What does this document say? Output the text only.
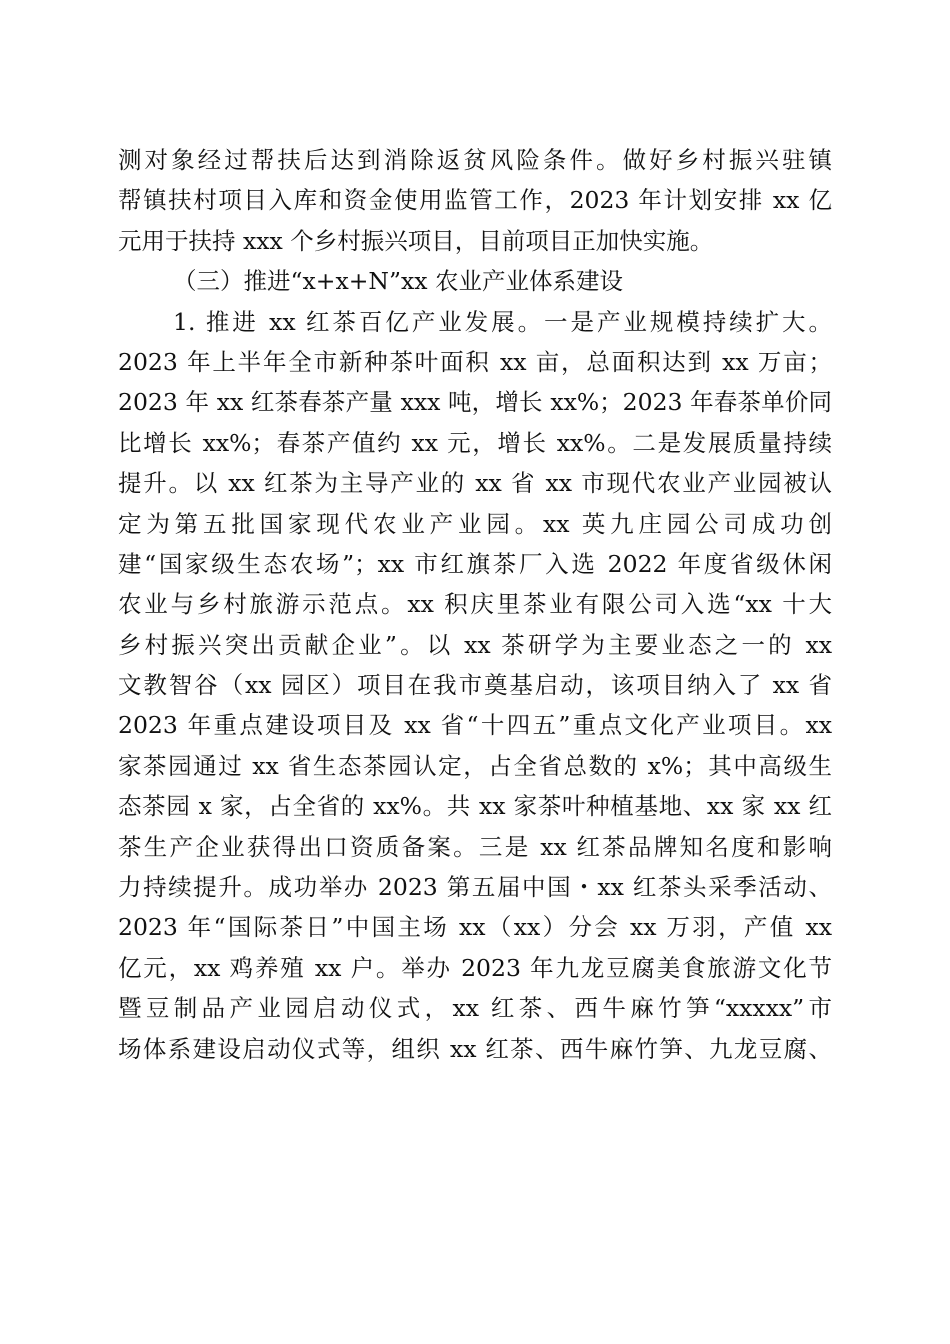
测对象经过帮扶后达到消除返贫风险条件。做好乡村振兴驻镇
帮镇扶村项目入库和资金使用监管工作，2023 年计划安排 xx 亿
元用于扶持 xxx 个乡村振兴项目，目前项目正加快实施。
（三）推进“x+x+N”xx 农业产业体系建设
1. 推进 xx 红茶百亿产业发展。一是产业规模持续扩大。
2023 年上半年全市新种茶叶面积 xx 亩，总面积达到 xx 万亩；
2023 年 xx 红茶春茶产量 xxx 吨，增长 xx%；2023 年春茶单价同
比增长 xx%；春茶产值约 xx 元，增长 xx%。二是发展质量持续
提升。以 xx 红茶为主导产业的 xx 省 xx 市现代农业产业园被认
定为第五批国家现代农业产业园。xx 英九庄园公司成功创
建“国家级生态农场”；xx 市红旗茶厂入选 2022 年度省级休闲
农业与乡村旅游示范点。xx 积庆里茶业有限公司入选“xx 十大
乡村振兴突出贡献企业”。以 xx 茶研学为主要业态之一的 xx
文教智谷（xx 园区）项目在我市奠基启动，该项目纳入了 xx 省
2023 年重点建设项目及 xx 省“十四五”重点文化产业项目。xx
家茶园通过 xx 省生态茶园认定，占全省总数的 x%；其中高级生
态茶园 x 家，占全省的 xx%。共 xx 家茶叶种植基地、xx 家 xx 红
茶生产企业获得出口资质备案。三是 xx 红茶品牌知名度和影响
力持续提升。成功举办 2023 第五届中国・xx 红茶头采季活动、
2023 年“国际茶日”中国主场 xx（xx）分会 xx 万羽，产值 xx
亿元，xx 鸡养殖 xx 户。举办 2023 年九龙豆腐美食旅游文化节
暨豆制品产业园启动仪式，xx 红茶、西牛麻竹笋“xxxxx”市
场体系建设启动仪式等，组织 xx 红茶、西牛麻竹笋、九龙豆腐、
